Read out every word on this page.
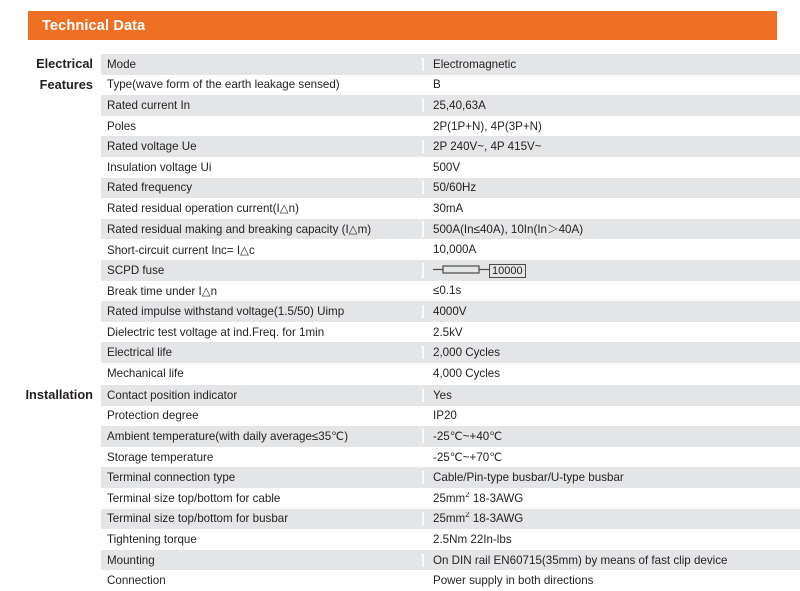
Technical Data
Electrical
Features
Mode	Electromagnetic
Type(wave form of the earth leakage sensed)	B
Rated current In	25,40,63A
Poles	2P(1P+N), 4P(3P+N)
Rated voltage Ue	2P 240V~, 4P 415V~
Insulation voltage Ui	500V
Rated frequency	50/60Hz
Rated residual operation current(I△n)	30mA
Rated residual making and breaking capacity (I△m)	500A(In≤40A), 10In(In＞40A)
Short-circuit current Inc= I△c	10,000A
SCPD fuse	10000
Break time under I△n	≤0.1s
Rated impulse withstand voltage(1.5/50) Uimp	4000V
Dielectric test voltage at ind.Freq. for 1min	2.5kV
Electrical life	2,000 Cycles
Mechanical life	4,000 Cycles
Installation	Contact position indicator	Yes
Protection degree	IP20
Ambient temperature(with daily average≤35℃)	-25℃~+40℃
Storage temperature	-25℃~+70℃
Terminal connection type	Cable/Pin-type busbar/U-type busbar
Terminal size top/bottom for cable	$25mm^2$ 18-3AWG
Terminal size top/bottom for busbar	$25mm^2$ 18-3AWG
Tightening torque	2.5Nm 22In-lbs
Mounting	On DIN rail EN60715(35mm) by means of fast clip device
Connection	Power supply in both directions
